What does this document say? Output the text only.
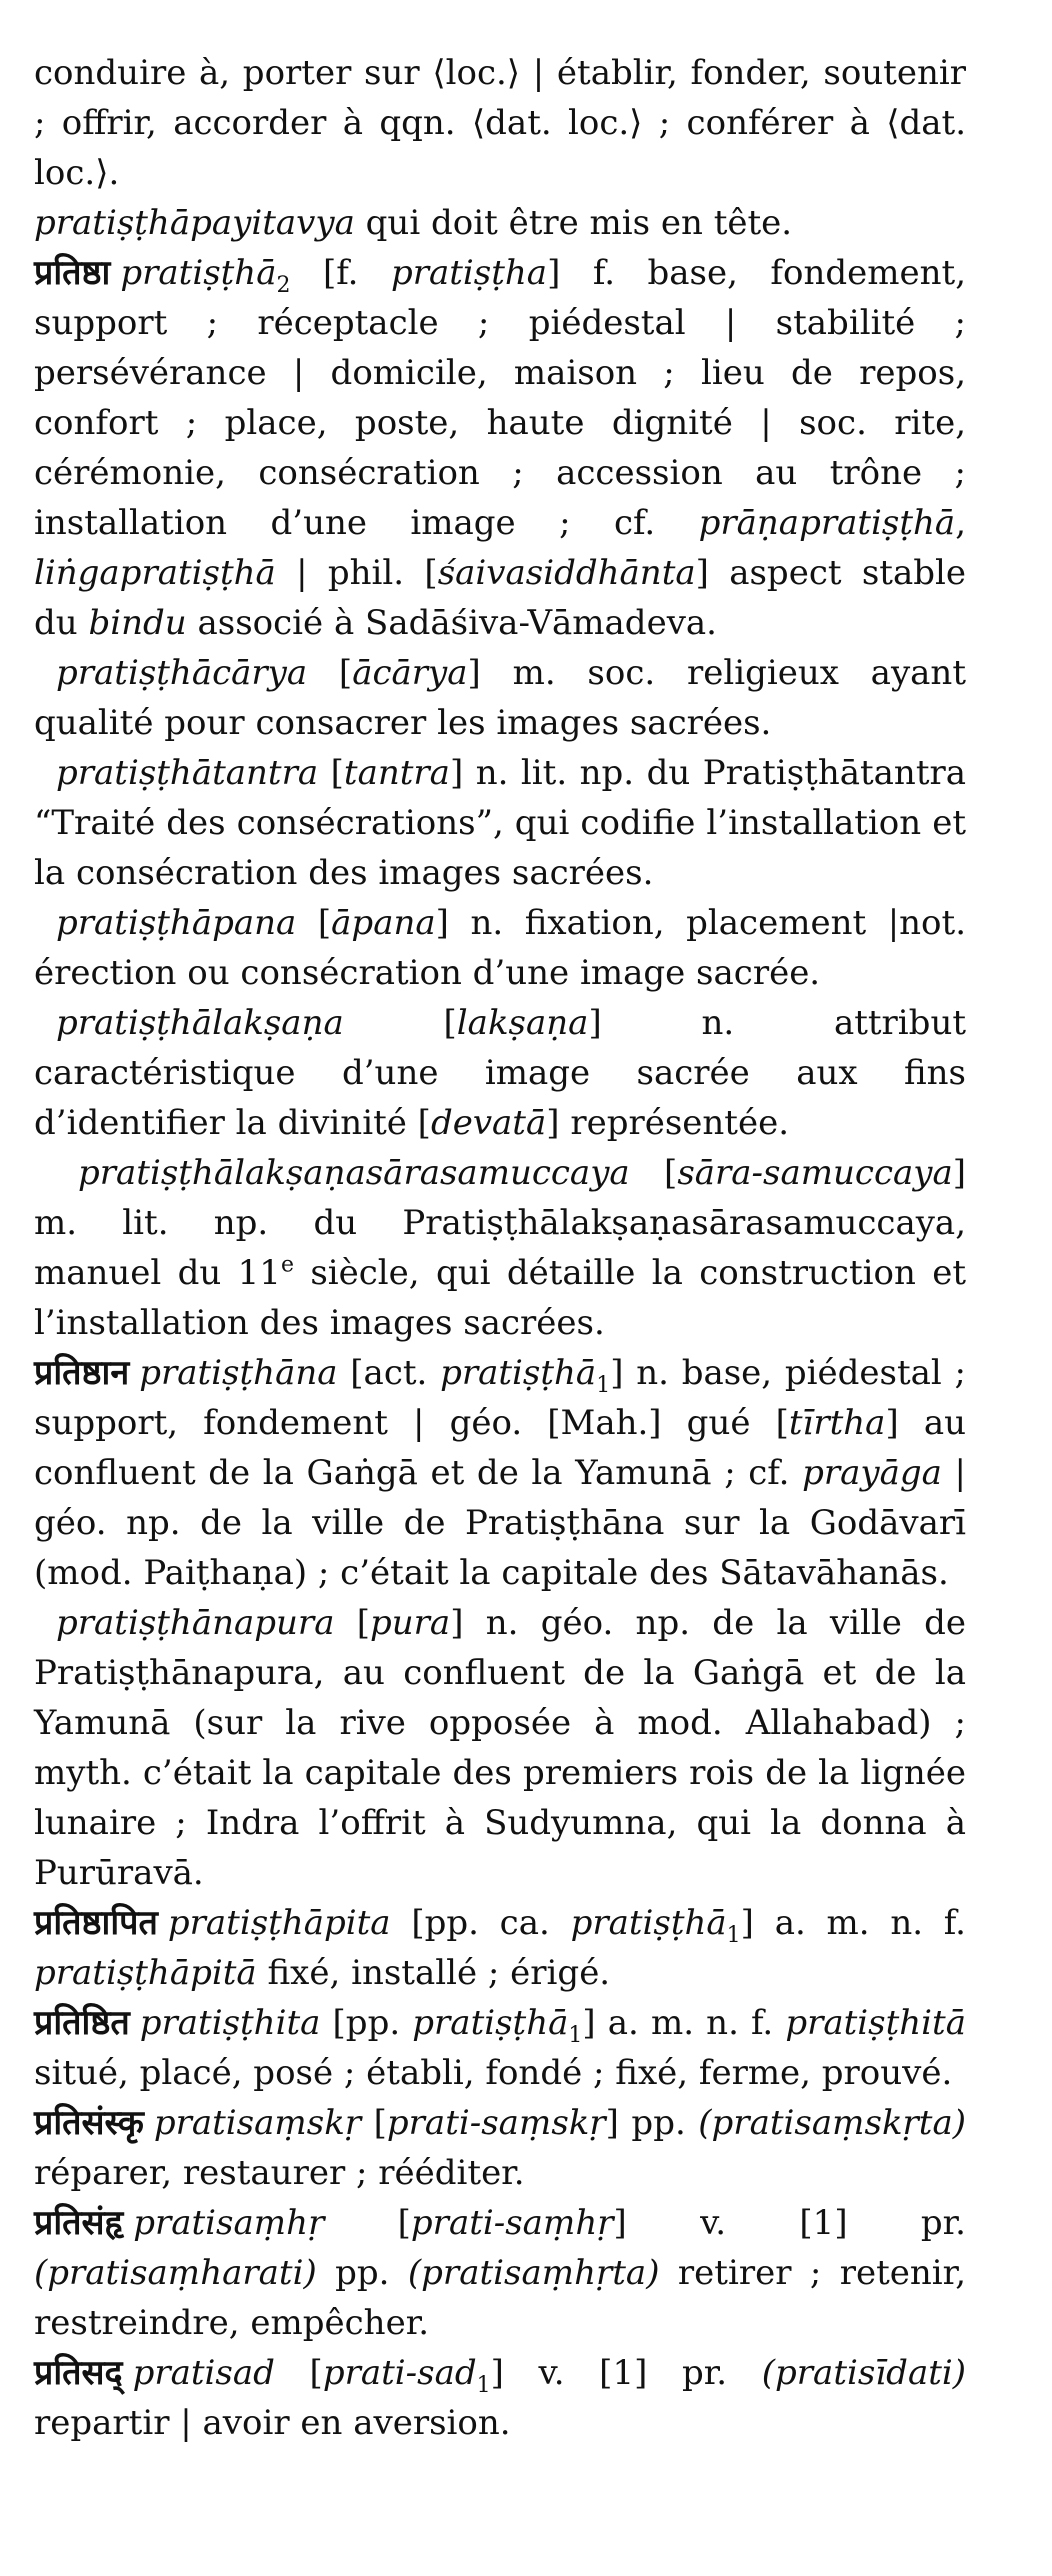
conduire à, porter sur ⟨loc.⟩ | établir, fonder, soutenir ; offrir, accorder à qqn. ⟨dat. loc.⟩ ; conférer à ⟨dat. loc.⟩.

pratiṣṭhāpayitavya qui doit être mis en tête.

प्रतिष्ठा pratiṣṭhā$_2$ [f. pratiṣṭha] f. base, fondement, support ; réceptacle ; piédestal | stabilité ; persévérance | domicile, maison ; lieu de repos, confort ; place, poste, haute dignité | soc. rite, cérémonie, consécration ; accession au trône ; installation d’une image ; cf. prāṇapratiṣṭhā, liṅgapratiṣṭhā | phil. [śaivasiddhānta] aspect stable du bindu associé à Sadāśiva-Vāmadeva.

pratiṣṭhācārya [ācārya] m. soc. religieux ayant qualité pour consacrer les images sacrées.

pratiṣṭhātantra [tantra] n. lit. np. du Pratiṣṭhātantra “Traité des consécrations”, qui codifie l’installation et la consécration des images sacrées.

pratiṣṭhāpana [āpana] n. fixation, placement |not. érection ou consécration d’une image sacrée.

pratiṣṭhālakṣaṇa [lakṣaṇa] n. attribut caractéristique d’une image sacrée aux fins d’identifier la divinité [devatā] représentée.

pratiṣṭhālakṣaṇasārasamuccaya [sāra-samuccaya] m. lit. np. du Pratiṣṭhālakṣaṇasārasamuccaya, manuel du 11e siècle, qui détaille la construction et l’installation des images sacrées.

प्रतिष्ठान pratiṣṭhāna [act. pratiṣṭhā$_1$] n. base, piédestal ; support, fondement | géo. [Mah.] gué [tīrtha] au confluent de la Gaṅgā et de la Yamunā ; cf. prayāga | géo. np. de la ville de Pratiṣṭhāna sur la Godāvarī (mod. Paiṭhaṇa) ; c’était la capitale des Sātavāhanās.

pratiṣṭhānapura [pura] n. géo. np. de la ville de Pratiṣṭhānapura, au confluent de la Gaṅgā et de la Yamunā (sur la rive opposée à mod. Allahabad) ; myth. c’était la capitale des premiers rois de la lignée lunaire ; Indra l’offrit à Sudyumna, qui la donna à Purūravā.

प्रतिष्ठापित pratiṣṭhāpita [pp. ca. pratiṣṭhā$_1$] a. m. n. f. pratiṣṭhāpitā fixé, installé ; érigé.

प्रतिष्ठित pratiṣṭhita [pp. pratiṣṭhā$_1$] a. m. n. f. pratiṣṭhitā situé, placé, posé ; établi, fondé ; fixé, ferme, prouvé.

प्रतिसंस्कृ pratisaṃskṛ [prati-saṃskṛ] pp. (pratisaṃskṛta) réparer, restaurer ; rééditer.

प्रतिसंहृ pratisaṃhṛ [prati-saṃhṛ] v. [1] pr. (pratisaṃharati) pp. (pratisaṃhṛta) retirer ; retenir, restreindre, empêcher.

प्रतिसद् pratisad [prati-sad$_1$] v. [1] pr. (pratisīdati) repartir | avoir en aversion.
